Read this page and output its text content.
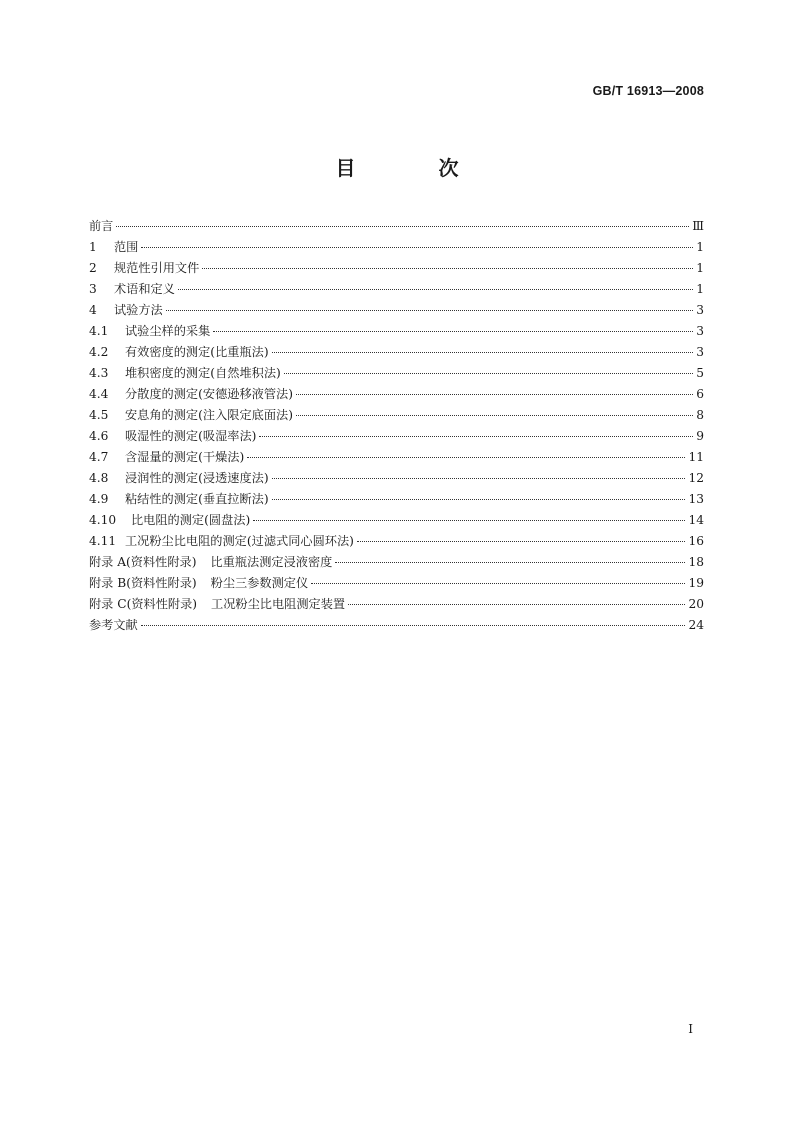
GB/T 16913—2008
目 次
前言	Ⅲ
1 范围	1
2 规范性引用文件	1
3 术语和定义	1
4 试验方法	3
4.1 试验尘样的采集	3
4.2 有效密度的测定(比重瓶法)	3
4.3 堆积密度的测定(自然堆积法)	5
4.4 分散度的测定(安德逊移液管法)	6
4.5 安息角的测定(注入限定底面法)	8
4.6 吸湿性的测定(吸湿率法)	9
4.7 含湿量的测定(干燥法)	11
4.8 浸润性的测定(浸透速度法)	12
4.9 粘结性的测定(垂直拉断法)	13
4.10 比电阻的测定(圆盘法)	14
4.11 工况粉尘比电阻的测定(过滤式同心圆环法)	16
附录 A(资料性附录) 比重瓶法测定浸液密度	18
附录 B(资料性附录) 粉尘三参数测定仪	19
附录 C(资料性附录) 工况粉尘比电阻测定装置	20
参考文献	24
I
